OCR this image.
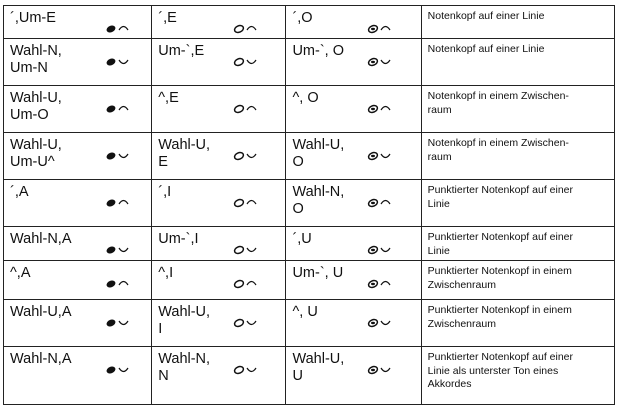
´,Um-E	´,E	´,O	Notenkopf auf einer Linie

Wahl-N,
Um-N	Um-`,E	Um-`, O	Notenkopf auf einer Linie

Wahl-U,
Um-O	^,E	^, O	Notenkopf in einem Zwischen-
raum

Wahl-U,
Um-U^	Wahl-U,
E	Wahl-U,
O	Notenkopf in einem Zwischen-
raum

´,A	´,I	Wahl-N,
O	Punktierter Notenkopf auf einer
Linie

Wahl-N,A	Um-`,I	´,U	Punktierter Notenkopf auf einer
Linie

^,A	^,I	Um-`, U	Punktierter Notenkopf in einem
Zwischenraum

Wahl-U,A	Wahl-U,
I	^, U	Punktierter Notenkopf in einem
Zwischenraum

Wahl-N,A	Wahl-N,
N	Wahl-U,
U	Punktierter Notenkopf auf einer
Linie als unterster Ton eines
Akkordes
